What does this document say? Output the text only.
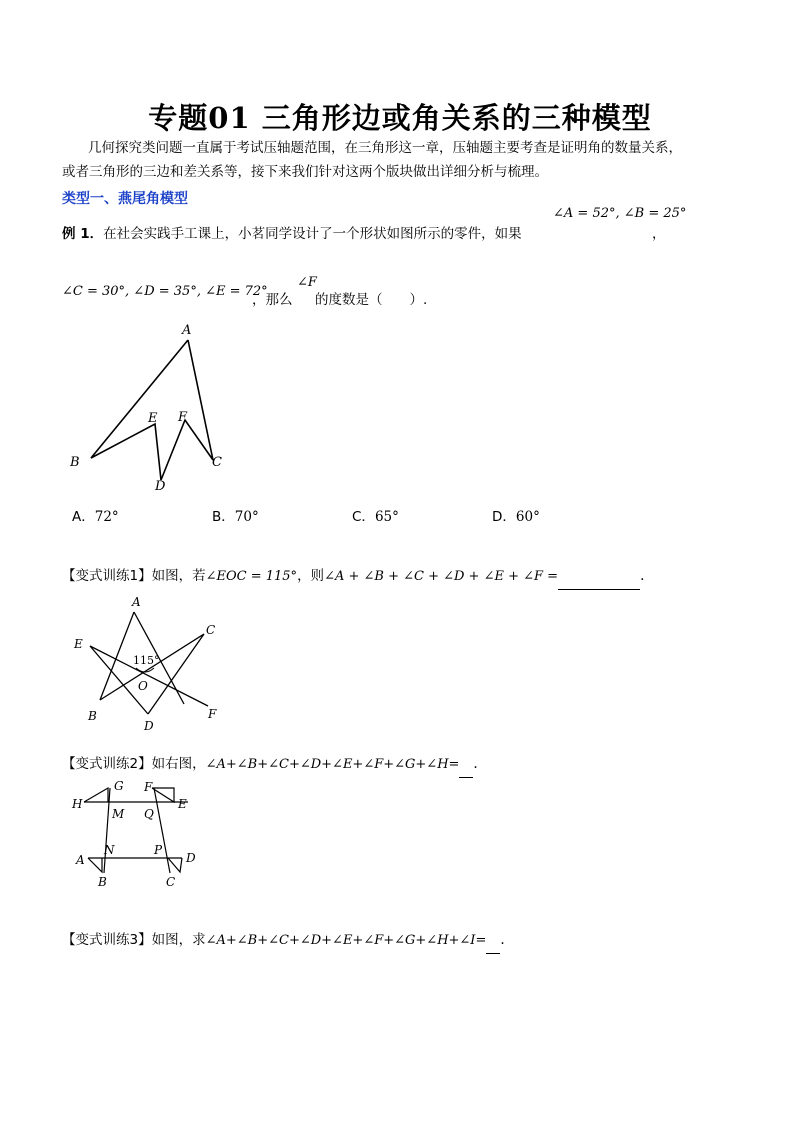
专题01 三角形边或角关系的三种模型
几何探究类问题一直属于考试压轴题范围，在三角形这一章，压轴题主要考查是证明角的数量关系，
或者三角形的三边和差关系等，接下来我们针对这两个版块做出详细分析与梳理。
类型一、燕尾角模型
例 1．在社会实践手工课上，小茗同学设计了一个形状如图所示的零件，如果
∠A = 52°, ∠B = 25°
，
∠C = 30°, ∠D = 35°, ∠E = 72°
，那么
∠F
的度数是（　　）.
A
B	C
D
E F
A．72°	B．70°	C．65°	D．60°
【变式训练1】如图，若∠EOC = 115°，则∠A + ∠B + ∠C + ∠D + ∠E + ∠F =	.
A
B
C
D
E
F
O
115°
【变式训练2】如右图，∠A+∠B+∠C+∠D+∠E+∠F+∠G+∠H= .
H
G F
E
M Q
A
N	P
D
B	C
【变式训练3】如图，求∠A+∠B+∠C+∠D+∠E+∠F+∠G+∠H+∠I= .
